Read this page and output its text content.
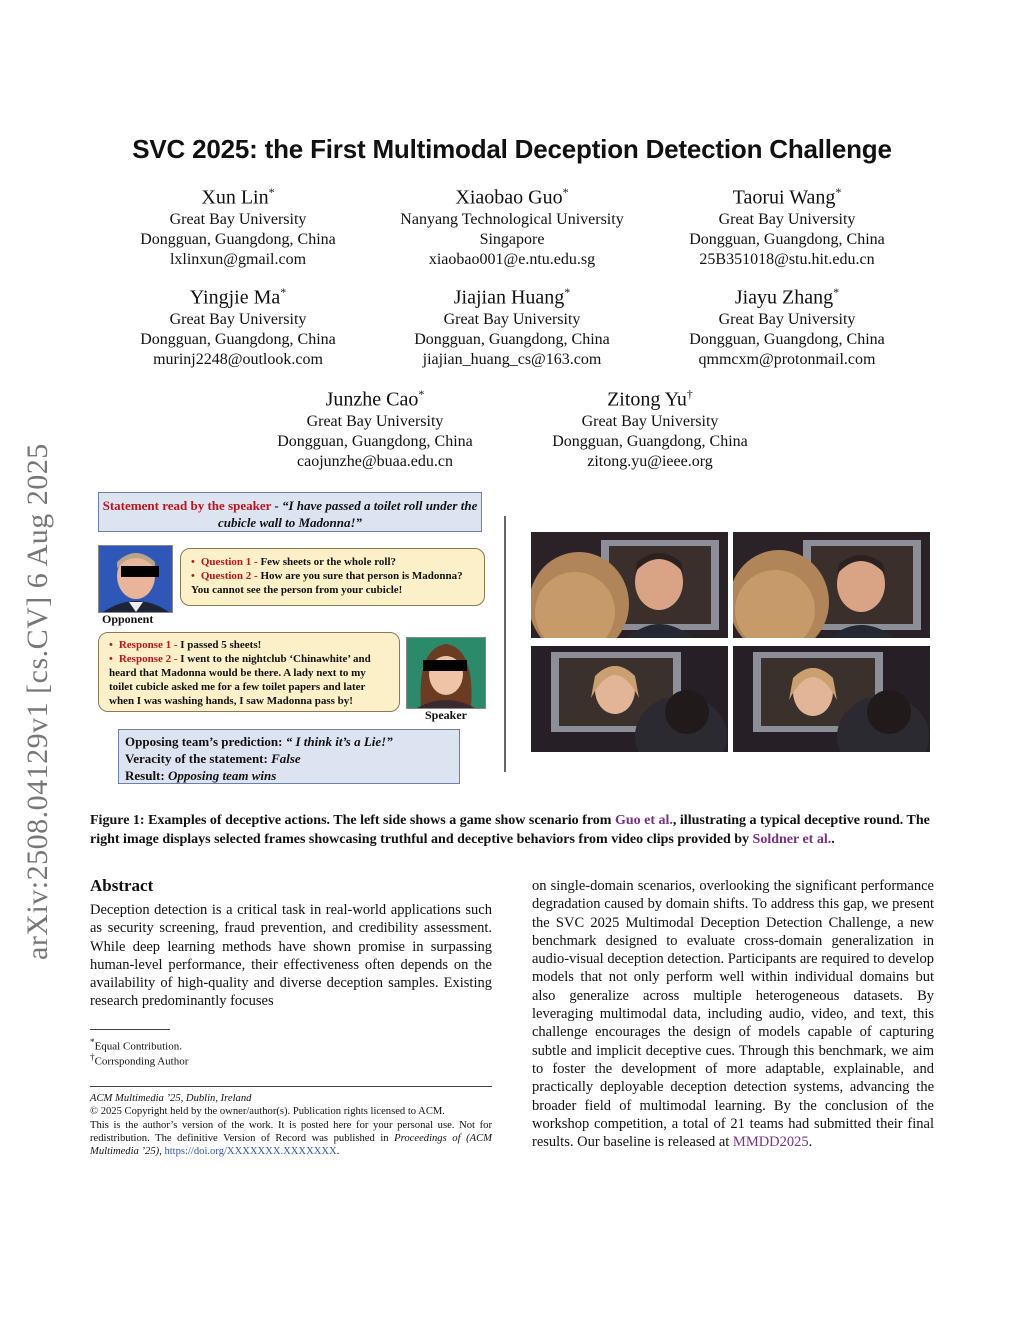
SVC 2025: the First Multimodal Deception Detection Challenge
Xun Lin*
Great Bay University
Dongguan, Guangdong, China
lxlinxun@gmail.com
Xiaobao Guo*
Nanyang Technological University
Singapore
xiaobao001@e.ntu.edu.sg
Taorui Wang*
Great Bay University
Dongguan, Guangdong, China
25B351018@stu.hit.edu.cn
Yingjie Ma*
Great Bay University
Dongguan, Guangdong, China
murinj2248@outlook.com
Jiajian Huang*
Great Bay University
Dongguan, Guangdong, China
jiajian_huang_cs@163.com
Jiayu Zhang*
Great Bay University
Dongguan, Guangdong, China
qmmcxm@protonmail.com
Junzhe Cao*
Great Bay University
Dongguan, Guangdong, China
caojunzhe@buaa.edu.cn
Zitong Yu†
Great Bay University
Dongguan, Guangdong, China
zitong.yu@ieee.org
arXiv:2508.04129v1 [cs.CV] 6 Aug 2025	Statement read by the speaker - “I have passed a toilet roll under the cubicle wall to Madonna!”
Opponent
• Question 1 - Few sheets or the whole roll?
• Question 2 - How are you sure that person is Madonna? You cannot see the person from your cubicle!
• Response 1 - I passed 5 sheets!
• Response 2 - I went to the nightclub ‘Chinawhite’ and heard that Madonna would be there. A lady next to my toilet cubicle asked me for a few toilet papers and later when I was washing hands, I saw Madonna pass by!
Speaker
Opposing team’s prediction: “ I think it’s a Lie!”
Veracity of the statement: False
Result: Opposing team wins
Figure 1: Examples of deceptive actions. The left side shows a game show scenario from Guo et al., illustrating a typical deceptive round. The right image displays selected frames showcasing truthful and deceptive behaviors from video clips provided by Soldner et al..
Abstract
Deception detection is a critical task in real-world applications such as security screening, fraud prevention, and credibility assessment. While deep learning methods have shown promise in surpassing human-level performance, their effectiveness often depends on the availability of high-quality and diverse deception samples. Existing research predominantly focuses
on single-domain scenarios, overlooking the significant performance degradation caused by domain shifts. To address this gap, we present the SVC 2025 Multimodal Deception Detection Challenge, a new benchmark designed to evaluate cross-domain generalization in audio-visual deception detection. Participants are required to develop models that not only perform well within individual domains but also generalize across multiple heterogeneous datasets. By leveraging multimodal data, including audio, video, and text, this challenge encourages the design of models capable of capturing subtle and implicit deceptive cues. Through this benchmark, we aim to foster the development of more adaptable, explainable, and practically deployable deception detection systems, advancing the broader field of multimodal learning. By the conclusion of the workshop competition, a total of 21 teams had submitted their final results. Our baseline is released at MMDD2025.
*Equal Contribution.
†Corrsponding Author
ACM Multimedia ’25, Dublin, Ireland
© 2025 Copyright held by the owner/author(s). Publication rights licensed to ACM.
This is the author’s version of the work. It is posted here for your personal use. Not for redistribution. The definitive Version of Record was published in Proceedings of (ACM Multimedia ’25), https://doi.org/XXXXXXX.XXXXXXX.
